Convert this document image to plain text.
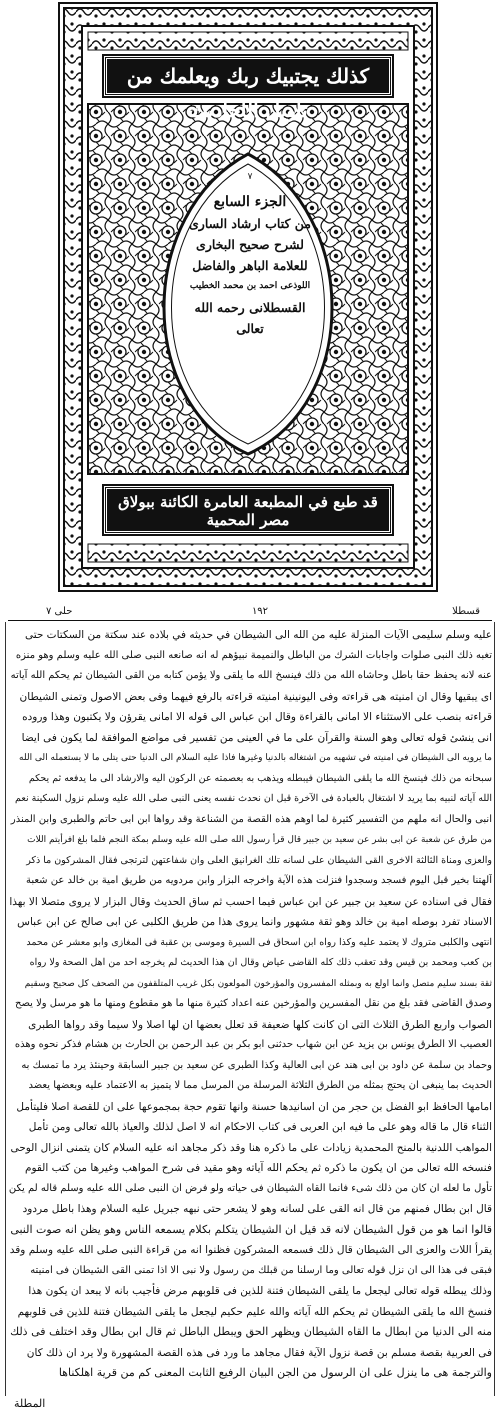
كذلك يجتبيك ربك ويعلمك من تأويل الأحاديث
٧
الجزء السابع
من كتاب ارشاد السارى
لشرح صحيح البخارى
للعلامة الباهر والفاضل
اللوذعى احمد بن محمد الخطيب
القسطلانى رحمه الله
تعالى
قد طبع في المطبعة العامرة الكائنة ببولاق مصر المحمية
قسطلا
١٩٢
حلى ٧
عليه وسلم سليمى الآيات المنزلة عليه من الله الى الشيطان في حديثه في بلاده عند سكتة من السكتات حتى
تغبه ذلك النبى صلوات واجابات الشرك من الباطل والنميمة نبيؤهم له انه صانعه النبى صلى الله عليه وسلم وهو منزه
عنه لانه يحفظ حقا باطل وحاشاه الله من ذلك فينسخ الله ما يلقى ولا يؤمن كتابه من القى الشيطان ثم يحكم الله آياته
اى يبقيها وقال ان امنيته هى قراءته وفى اليونينية امنيته قراءته بالرفع فيهما وفى بعض الاصول وتمنى الشيطان
قراءته بنصب على الاستثناء الا امانى بالقراءة وقال ابن عباس الى قوله الا امانى يقرؤن ولا يكتبون وهذا وروده
انى ينشئ قوله تعالى وهو السنة والقرآن على ما في العينى من تفسير فى مواضع الموافقة لما يكون فى ايضا
ما يرويه الى الشيطان في امنيته في تشهيه من اشتغاله بالدنيا وغيرها فاذا عليه السلام الى الدنيا حتى يتلى ما لا يستعمله الى الله
سبحانه من ذلك فينسخ الله ما يلقى الشيطان فيبطله ويذهب به بعصمته عن الركون اليه والارشاد الى ما يدفعه ثم يحكم
الله آياته لنبيه بما يريد لا اشتغال بالعبادة فى الآخرة قبل ان نحدث نفسه يعنى النبى صلى الله عليه وسلم نزول السكينة نعم
انبى والحال انه ملهم من التفسير كثيرة لما اوهم هذه القصة من الشناعة وقد رواها ابن ابى حاتم والطبرى وابن المنذر
من طرق عن شعبة عن ابى بشر عن سعيد بن جبير قال قرأ رسول الله صلى الله عليه وسلم بمكة النجم فلما بلغ افرأيتم اللات
والعزى ومناة الثالثة الاخرى القى الشيطان على لسانه تلك الغرانيق العلى وان شفاعتهن لترتجى فقال المشركون ما ذكر
آلهتنا بخير قبل اليوم فسجد وسجدوا فنزلت هذه الآية واخرجه البزار وابن مردويه من طريق امية بن خالد عن شعبة
فقال فى اسناده عن سعيد بن جبير عن ابن عباس فيما احسب ثم ساق الحديث وقال البزار لا يروى متصلا الا بهذا
الاسناد تفرد بوصله امية بن خالد وهو ثقة مشهور وانما يروى هذا من طريق الكلبى عن ابى صالح عن ابن عباس
انتهى والكلبى متروك لا يعتمد عليه وكذا رواه ابن اسحاق فى السيرة وموسى بن عقبة فى المغازى وابو معشر عن محمد
بن كعب ومحمد بن قيس وقد تعقب ذلك كله القاضى عياض وقال ان هذا الحديث لم يخرجه احد من اهل الصحة ولا رواه
ثقة بسند سليم متصل وانما اولع به وبمثله المفسرون والمؤرخون المولعون بكل غريب المتلقفون من الصحف كل صحيح وسقيم
وصدق القاضى فقد بلغ من نقل المفسرين والمؤرخين عنه اعداد كثيرة منها ما هو مقطوع ومنها ما هو مرسل ولا يصح
الصواب واربع الطرق الثلاث التى ان كانت كلها ضعيفة قد تعلل بعضها ان لها اصلا ولا سيما وقد رواها الطبرى
العصيب الا الطرق يونس بن يزيد عن ابن شهاب حدثنى ابو بكر بن عبد الرحمن بن الحارث بن هشام فذكر نحوه وهذه
وحماد بن سلمة عن داود بن ابى هند عن ابى العالية وكذا الطبرى عن سعيد بن جبير السابقة وحينئذ يرد ما تمسك به
الحديث بما ينبغى ان يحتج بمثله من الطرق الثلاثة المرسلة من المرسل مما لا يتميز به الاعتماد عليه وبعضها يعضد
امامها الحافظ ابو الفضل بن حجر من ان اسانيدها حسنة وانها تقوم حجة بمجموعها على ان للقصة اصلا فليتأمل
الثناء قال ما قاله وهو على ما فيه ابن العربى فى كتاب الاحكام انه لا اصل لذلك والعياذ بالله تعالى ومن تأمل
المواهب اللدنية بالمنح المحمدية زيادات على ما ذكره هنا وقد ذكر مجاهد انه عليه السلام كان يتمنى انزال الوحى
فنسخه الله تعالى من ان يكون ما ذكره ثم يحكم الله آياته وهو مقيد فى شرح المواهب وغيرها من كتب القوم
تأول ما لعله ان كان من ذلك شىء فانما القاه الشيطان فى حياته ولو فرض ان النبى صلى الله عليه وسلم قاله لم يكن
قال ابن بطال فمنهم من قال انه القى على لسانه وهو لا يشعر حتى نبهه جبريل عليه السلام وهذا باطل مردود
قالوا انما هو من قول الشيطان لانه قد قيل ان الشيطان يتكلم بكلام يسمعه الناس وهو يظن انه صوت النبى
يقرأ اللات والعزى الى الشيطان قال ذلك فسمعه المشركون فظنوا انه من قراءة النبى صلى الله عليه وسلم وقد
فبقى فى هذا الى ان نزل قوله تعالى وما ارسلنا من قبلك من رسول ولا نبى الا اذا تمنى القى الشيطان فى امنيته
وذلك يبطله قوله تعالى ليجعل ما يلقى الشيطان فتنة للذين فى قلوبهم مرض فأجيب بانه لا يبعد ان يكون هذا
فنسخ الله ما يلقى الشيطان ثم يحكم الله آياته والله عليم حكيم ليجعل ما يلقى الشيطان فتنة للذين فى قلوبهم
منه الى الدنيا من ابطال ما القاه الشيطان ويظهر الحق ويبطل الباطل ثم قال ابن بطال وقد اختلف فى ذلك
فى العربية بقصة مسلم بن قصة نزول الآية فقال مجاهد ما ورد فى هذه القصة المشهورة ولا يرد ان ذلك كان
والترجمة هى ما ينزل على ان الرسول من الجن البيان الرفيع الثابت المعنى كم من قرية اهلكناها
المطلة
